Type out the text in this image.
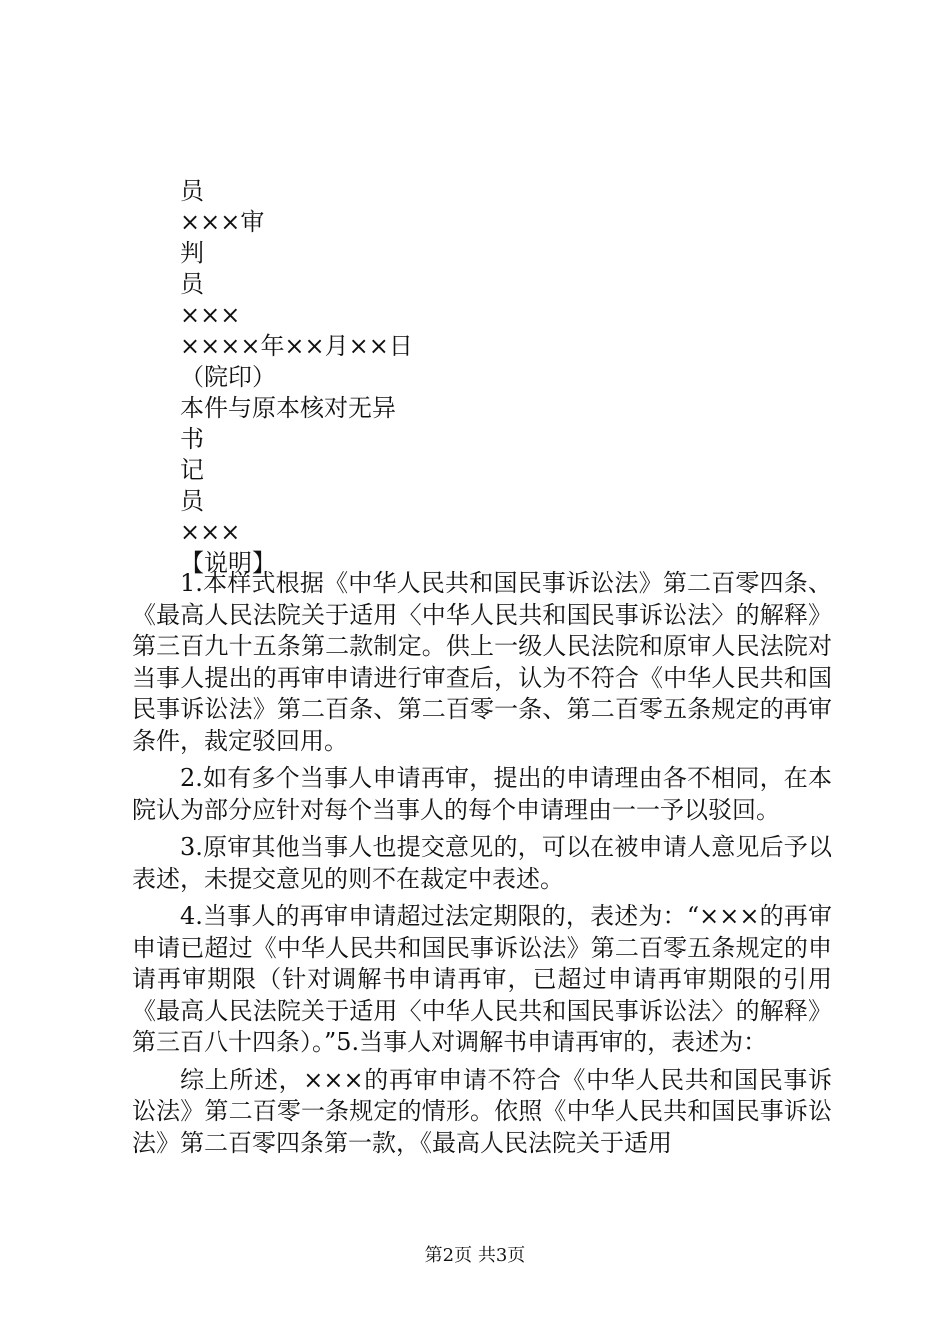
员
×××审
判
员
×××
××××年××月××日
（院印）
本件与原本核对无异
书
记
员
×××
【说明】

1.本样式根据《中华人民共和国民事诉讼法》第二百零四条、《最高人民法院关于适用〈中华人民共和国民事诉讼法〉的解释》第三百九十五条第二款制定。供上一级人民法院和原审人民法院对当事人提出的再审申请进行审查后，认为不符合《中华人民共和国民事诉讼法》第二百条、第二百零一条、第二百零五条规定的再审条件，裁定驳回用。

2.如有多个当事人申请再审，提出的申请理由各不相同，在本院认为部分应针对每个当事人的每个申请理由一一予以驳回。

3.原审其他当事人也提交意见的，可以在被申请人意见后予以表述，未提交意见的则不在裁定中表述。

4.当事人的再审申请超过法定期限的，表述为：“×××的再审申请已超过《中华人民共和国民事诉讼法》第二百零五条规定的申请再审期限（针对调解书申请再审，已超过申请再审期限的引用《最高人民法院关于适用〈中华人民共和国民事诉讼法〉的解释》第三百八十四条）。”5.当事人对调解书申请再审的，表述为：

综上所述，×××的再审申请不符合《中华人民共和国民事诉讼法》第二百零一条规定的情形。依照《中华人民共和国民事诉讼法》第二百零四条第一款，《最高人民法院关于适用

第2页 共3页
